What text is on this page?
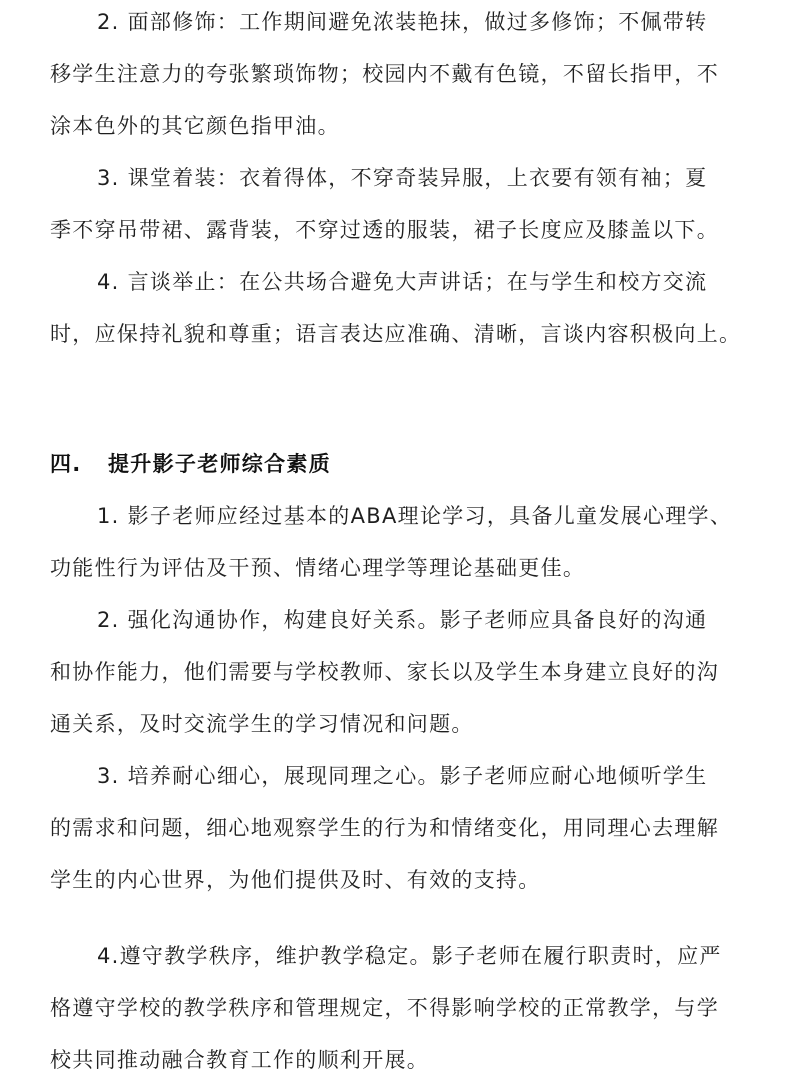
2. 面部修饰：工作期间避免浓装艳抹，做过多修饰；不佩带转
移学生注意力的夸张繁琐饰物；校园内不戴有色镜，不留长指甲，不
涂本色外的其它颜色指甲油。
3. 课堂着装：衣着得体，不穿奇装异服，上衣要有领有袖；夏
季不穿吊带裙、露背装，不穿过透的服装，裙子长度应及膝盖以下。
4. 言谈举止：在公共场合避免大声讲话；在与学生和校方交流
时，应保持礼貌和尊重；语言表达应准确、清晰，言谈内容积极向上。
四. 提升影子老师综合素质
1. 影子老师应经过基本的ABA理论学习，具备儿童发展心理学、
功能性行为评估及干预、情绪心理学等理论基础更佳。
2. 强化沟通协作，构建良好关系。影子老师应具备良好的沟通
和协作能力，他们需要与学校教师、家长以及学生本身建立良好的沟
通关系，及时交流学生的学习情况和问题。
3. 培养耐心细心，展现同理之心。影子老师应耐心地倾听学生
的需求和问题，细心地观察学生的行为和情绪变化，用同理心去理解
学生的内心世界，为他们提供及时、有效的支持。
4.遵守教学秩序，维护教学稳定。影子老师在履行职责时，应严
格遵守学校的教学秩序和管理规定，不得影响学校的正常教学，与学
校共同推动融合教育工作的顺利开展。
